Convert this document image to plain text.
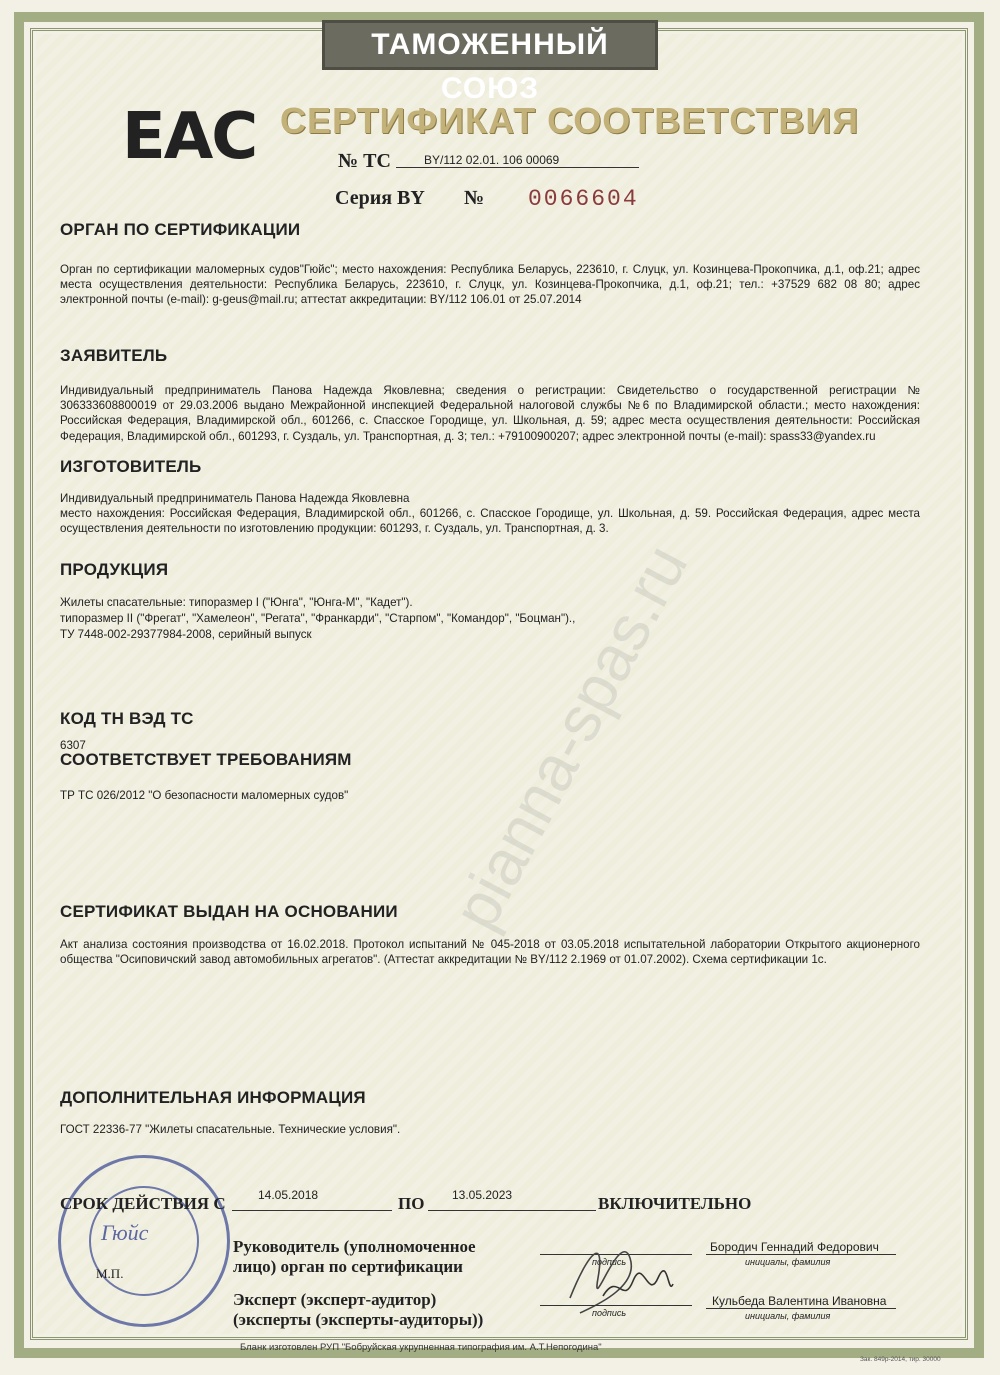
ТАМОЖЕННЫЙ СОЮЗ
EAC СЕРТИФИКАТ СООТВЕТСТВИЯ
№ ТС	BY/112 02.01. 106 00069
Серия BY № 0066604
ОРГАН ПО СЕРТИФИКАЦИИ
Орган по сертификации маломерных судов"Гюйс"; место нахождения: Республика Беларусь, 223610, г. Слуцк, ул. Козинцева-Прокопчика, д.1, оф.21; адрес места осуществления деятельности: Республика Беларусь, 223610, г. Слуцк, ул. Козинцева-Прокопчика, д.1, оф.21; тел.: +37529 682 08 80; адрес электронной почты (e-mail): g-geus@mail.ru; аттестат аккредитации: BY/112 106.01 от 25.07.2014
ЗАЯВИТЕЛЬ
Индивидуальный предприниматель Панова Надежда Яковлевна; сведения о регистрации: Свидетельство о государственной регистрации № 306333608800019 от 29.03.2006 выдано Межрайонной инспекцией Федеральной налоговой службы №6 по Владимирской области.; место нахождения: Российская Федерация, Владимирской обл., 601266, с. Спасское Городище, ул. Школьная, д. 59; адрес места осуществления деятельности: Российская Федерация, Владимирской обл., 601293, г. Суздаль, ул. Транспортная, д. 3; тел.: +79100900207; адрес электронной почты (e-mail): spass33@yandex.ru
ИЗГОТОВИТЕЛЬ
Индивидуальный предприниматель Панова Надежда Яковлевна
место нахождения: Российская Федерация, Владимирской обл., 601266, с. Спасское Городище, ул. Школьная, д. 59. Российская Федерация, адрес места осуществления деятельности по изготовлению продукции: 601293, г. Суздаль, ул. Транспортная, д. 3.
ПРОДУКЦИЯ
Жилеты спасательные: типоразмер I ("Юнга", "Юнга-М", "Кадет").
типоразмер II ("Фрегат", "Хамелеон", "Регата", "Франкарди", "Старпом", "Командор", "Боцман").,
ТУ 7448-002-29377984-2008, серийный выпуск
КОД ТН ВЭД ТС
6307
СООТВЕТСТВУЕТ ТРЕБОВАНИЯМ
ТР ТС 026/2012 "О безопасности маломерных судов"
СЕРТИФИКАТ ВЫДАН НА ОСНОВАНИИ
Акт анализа состояния производства от 16.02.2018. Протокол испытаний № 045-2018 от 03.05.2018 испытательной лаборатории Открытого акционерного общества "Осиповичский завод автомобильных агрегатов". (Аттестат аккредитации № BY/112 2.1969 от 01.07.2002). Схема сертификации 1с.
ДОПОЛНИТЕЛЬНАЯ ИНФОРМАЦИЯ
ГОСТ 22336-77 "Жилеты спасательные. Технические условия".
pianna-spas.ru
Гюйс
М.П.
СРОК ДЕЙСТВИЯ С	14.05.2018	ПО 13.05.2023	ВКЛЮЧИТЕЛЬНО
Руководитель (уполномоченное
лицо) орган по сертификации	подпись
Бородич Геннадий Федорович
инициалы, фамилия
Эксперт (эксперт-аудитор)
(эксперты (эксперты-аудиторы))	подпись
Кульбеда Валентина Ивановна
инициалы, фамилия
Бланк изготовлен РУП "Бобруйская укрупненная типография им. А.Т.Непогодина"
Зак. 849р-2014, тир. 30000
